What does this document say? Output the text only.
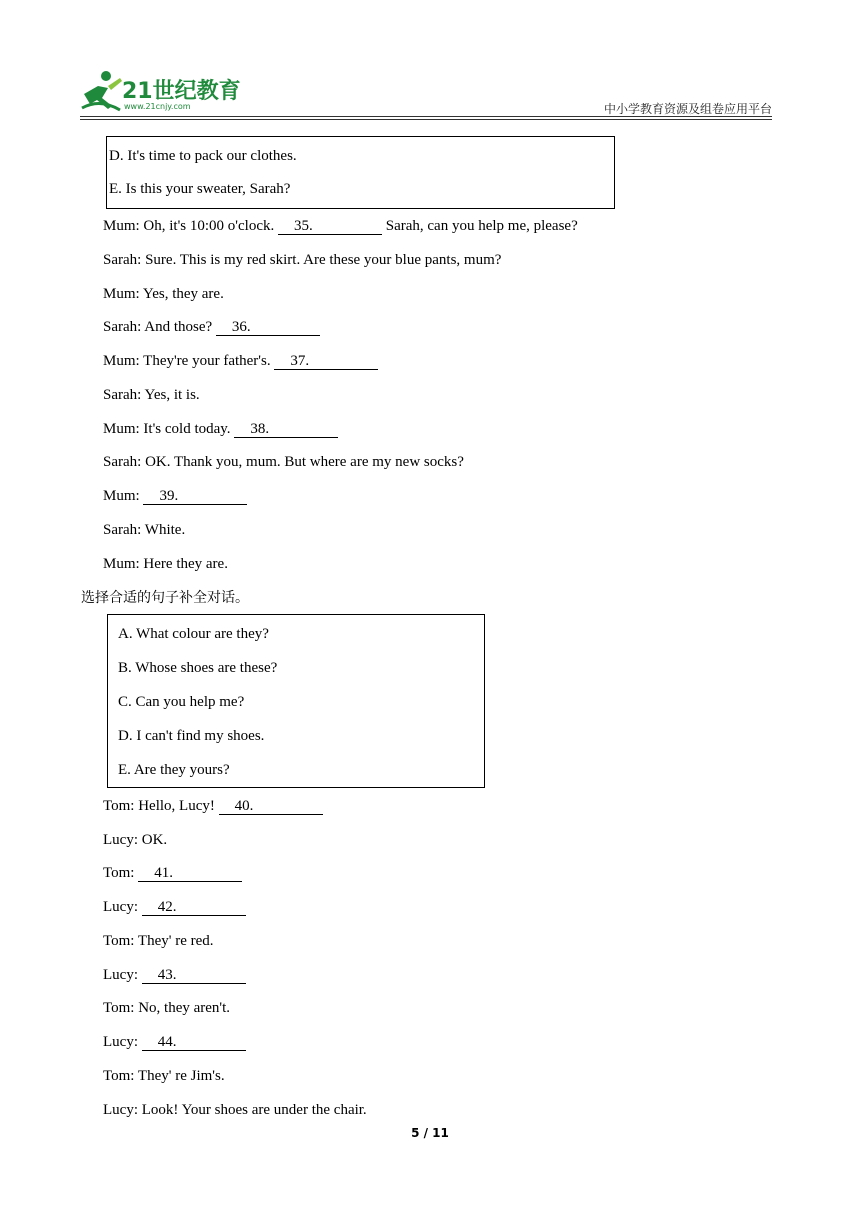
21世纪教育
www.21cnjy.com	中小学教育资源及组卷应用平台
D. It's time to pack our clothes.
E. Is this your sweater, Sarah?
Mum: Oh, it's 10:00 o'clock. 35.	Sarah, can you help me, please?
Sarah: Sure. This is my red skirt. Are these your blue pants, mum?
Mum: Yes, they are.
Sarah: And those? 36.
Mum: They're your father's. 37.
Sarah: Yes, it is.
Mum: It's cold today. 38.
Sarah: OK. Thank you, mum. But where are my new socks?
Mum: 39.
Sarah: White.
Mum: Here they are.
选择合适的句子补全对话。
A. What colour are they?
B. Whose shoes are these?
C. Can you help me?
D. I can't find my shoes.
E. Are they yours?
Tom: Hello, Lucy! 40.
Lucy: OK.
Tom: 41.
Lucy: 42.
Tom: They' re red.
Lucy: 43.
Tom: No, they aren't.
Lucy: 44.
Tom: They' re Jim's.
Lucy: Look! Your shoes are under the chair.
5 / 11
